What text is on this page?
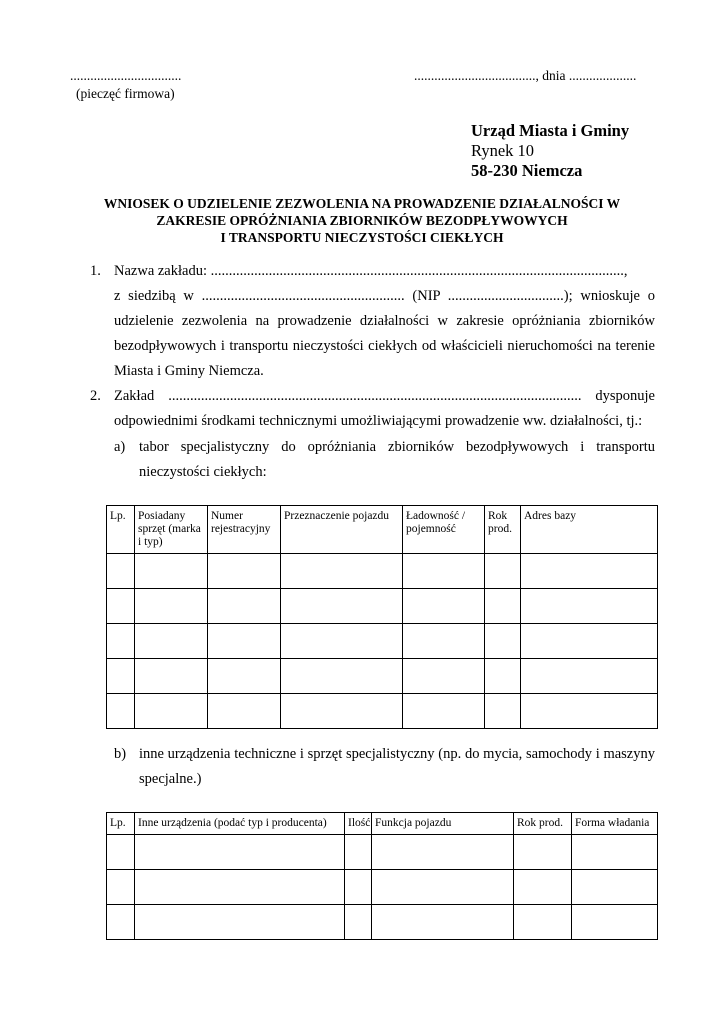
.................................
(pieczęć firmowa)
...................................., dnia ....................
Urząd Miasta i Gminy
Rynek 10
58-230 Niemcza
WNIOSEK O UDZIELENIE ZEZWOLENIA NA PROWADZENIE DZIAŁALNOŚCI W
ZAKRESIE OPRÓŻNIANIA ZBIORNIKÓW BEZODPŁYWOWYCH
I TRANSPORTU NIECZYSTOŚCI CIEKŁYCH
1. Nazwa zakładu: ..................................................................................................................,
z siedzibą w ........................................................ (NIP ................................); wnioskuje o
udzielenie zezwolenia na prowadzenie działalności w zakresie opróżniania zbiorników
bezodpływowych i transportu nieczystości ciekłych od właścicieli nieruchomości na terenie
Miasta i Gminy Niemcza.
2. Zakład .................................................................................................................. dysponuje
odpowiednimi środkami technicznymi umożliwiającymi prowadzenie ww. działalności, tj.:
a) tabor specjalistyczny do opróżniania zbiorników bezodpływowych i transportu
nieczystości ciekłych:
Lp.	Posiadany sprzęt (marka i typ)	Numer rejestracyjny	Przeznaczenie pojazdu	Ładowność / pojemność	Rok prod.	Adres bazy

b) inne urządzenia techniczne i sprzęt specjalistyczny (np. do mycia, samochody i maszyny
specjalne.)
Lp.	Inne urządzenia (podać typ i producenta)	Ilość	Funkcja pojazdu	Rok prod.	Forma władania
